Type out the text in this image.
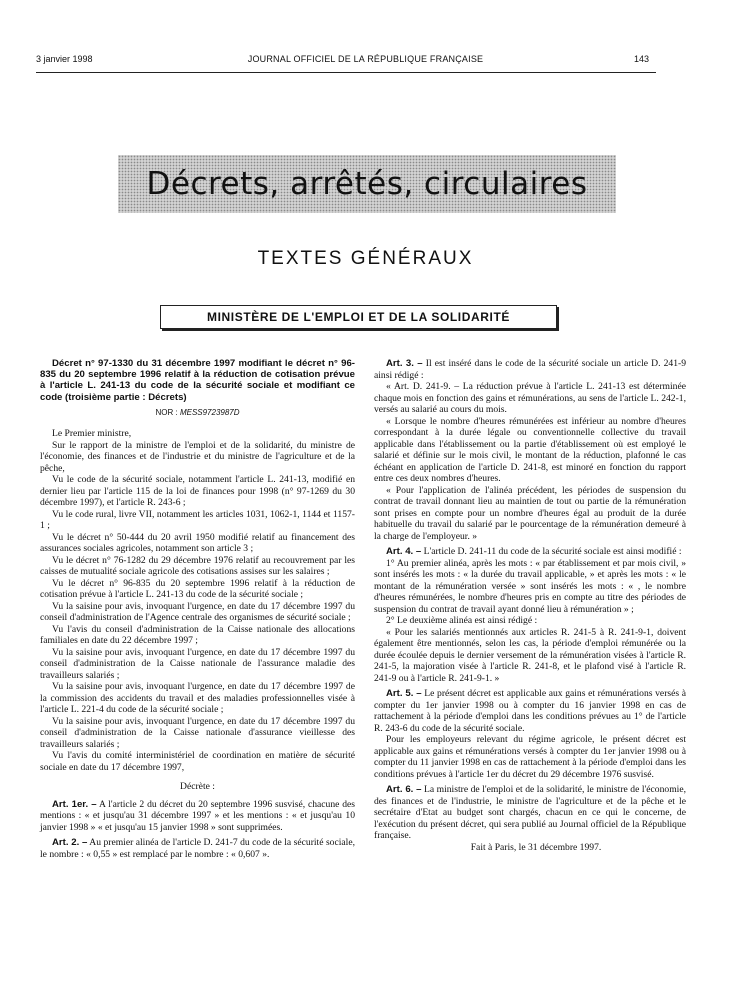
3 janvier 1998	JOURNAL OFFICIEL DE LA RÉPUBLIQUE FRANÇAISE	143
Décrets, arrêtés, circulaires
TEXTES GÉNÉRAUX
MINISTÈRE DE L'EMPLOI ET DE LA SOLIDARITÉ

Décret n° 97-1330 du 31 décembre 1997 modifiant le décret n° 96-835 du 20 septembre 1996 relatif à la réduction de cotisation prévue à l'article L. 241-13 du code de la sécurité sociale et modifiant ce code (troisième partie : Décrets)

NOR : MESS9723987D

Le Premier ministre,

Sur le rapport de la ministre de l'emploi et de la solidarité, du ministre de l'économie, des finances et de l'industrie et du ministre de l'agriculture et de la pêche,

Vu le code de la sécurité sociale, notamment l'article L. 241-13, modifié en dernier lieu par l'article 115 de la loi de finances pour 1998 (n° 97-1269 du 30 décembre 1997), et l'article R. 243-6 ;

Vu le code rural, livre VII, notamment les articles 1031, 1062-1, 1144 et 1157-1 ;

Vu le décret n° 50-444 du 20 avril 1950 modifié relatif au financement des assurances sociales agricoles, notamment son article 3 ;

Vu le décret n° 76-1282 du 29 décembre 1976 relatif au recouvrement par les caisses de mutualité sociale agricole des cotisations assises sur les salaires ;

Vu le décret n° 96-835 du 20 septembre 1996 relatif à la réduction de cotisation prévue à l'article L. 241-13 du code de la sécurité sociale ;

Vu la saisine pour avis, invoquant l'urgence, en date du 17 décembre 1997 du conseil d'administration de l'Agence centrale des organismes de sécurité sociale ;

Vu l'avis du conseil d'administration de la Caisse nationale des allocations familiales en date du 22 décembre 1997 ;

Vu la saisine pour avis, invoquant l'urgence, en date du 17 décembre 1997 du conseil d'administration de la Caisse nationale de l'assurance maladie des travailleurs salariés ;

Vu la saisine pour avis, invoquant l'urgence, en date du 17 décembre 1997 de la commission des accidents du travail et des maladies professionnelles visée à l'article L. 221-4 du code de la sécurité sociale ;

Vu la saisine pour avis, invoquant l'urgence, en date du 17 décembre 1997 du conseil d'administration de la Caisse nationale d'assurance vieillesse des travailleurs salariés ;

Vu l'avis du comité interministériel de coordination en matière de sécurité sociale en date du 17 décembre 1997,

Décrète :

Art. 1er. – A l'article 2 du décret du 20 septembre 1996 susvisé, chacune des mentions : « et jusqu'au 31 décembre 1997 » et les mentions : « et jusqu'au 10 janvier 1998 » « et jusqu'au 15 janvier 1998 » sont supprimées.

Art. 2. – Au premier alinéa de l'article D. 241-7 du code de la sécurité sociale, le nombre : « 0,55 » est remplacé par le nombre : « 0,607 ».

Art. 3. – Il est inséré dans le code de la sécurité sociale un article D. 241-9 ainsi rédigé :

« Art. D. 241-9. – La réduction prévue à l'article L. 241-13 est déterminée chaque mois en fonction des gains et rémunérations, au sens de l'article L. 242-1, versés au salarié au cours du mois.

« Lorsque le nombre d'heures rémunérées est inférieur au nombre d'heures correspondant à la durée légale ou conventionnelle collective du travail applicable dans l'établissement ou la partie d'établissement où est employé le salarié et définie sur le mois civil, le montant de la réduction, plafonné le cas échéant en application de l'article D. 241-8, est minoré en fonction du rapport entre ces deux nombres d'heures.

« Pour l'application de l'alinéa précédent, les périodes de suspension du contrat de travail donnant lieu au maintien de tout ou partie de la rémunération sont prises en compte pour un nombre d'heures égal au produit de la durée habituelle du travail du salarié par le pourcentage de la rémunération demeuré à la charge de l'employeur. »

Art. 4. – L'article D. 241-11 du code de la sécurité sociale est ainsi modifié :

1° Au premier alinéa, après les mots : « par établissement et par mois civil, » sont insérés les mots : « la durée du travail applicable, » et après les mots : « le montant de la rémunération versée » sont insérés les mots : « , le nombre d'heures rémunérées, le nombre d'heures pris en compte au titre des périodes de suspension du contrat de travail ayant donné lieu à rémunération » ;

2° Le deuxième alinéa est ainsi rédigé :

« Pour les salariés mentionnés aux articles R. 241-5 à R. 241-9-1, doivent également être mentionnés, selon les cas, la période d'emploi rémunérée ou la durée écoulée depuis le dernier versement de la rémunération visées à l'article R. 241-5, la majoration visée à l'article R. 241-8, et le plafond visé à l'article R. 241-9 ou à l'article R. 241-9-1. »

Art. 5. – Le présent décret est applicable aux gains et rémunérations versés à compter du 1er janvier 1998 ou à compter du 16 janvier 1998 en cas de rattachement à la période d'emploi dans les conditions prévues au 1° de l'article R. 243-6 du code de la sécurité sociale.

Pour les employeurs relevant du régime agricole, le présent décret est applicable aux gains et rémunérations versés à compter du 1er janvier 1998 ou à compter du 11 janvier 1998 en cas de rattachement à la période d'emploi dans les conditions prévues à l'article 1er du décret du 29 décembre 1976 susvisé.

Art. 6. – La ministre de l'emploi et de la solidarité, le ministre de l'économie, des finances et de l'industrie, le ministre de l'agriculture et de la pêche et le secrétaire d'Etat au budget sont chargés, chacun en ce qui le concerne, de l'exécution du présent décret, qui sera publié au Journal officiel de la République française.

Fait à Paris, le 31 décembre 1997.
